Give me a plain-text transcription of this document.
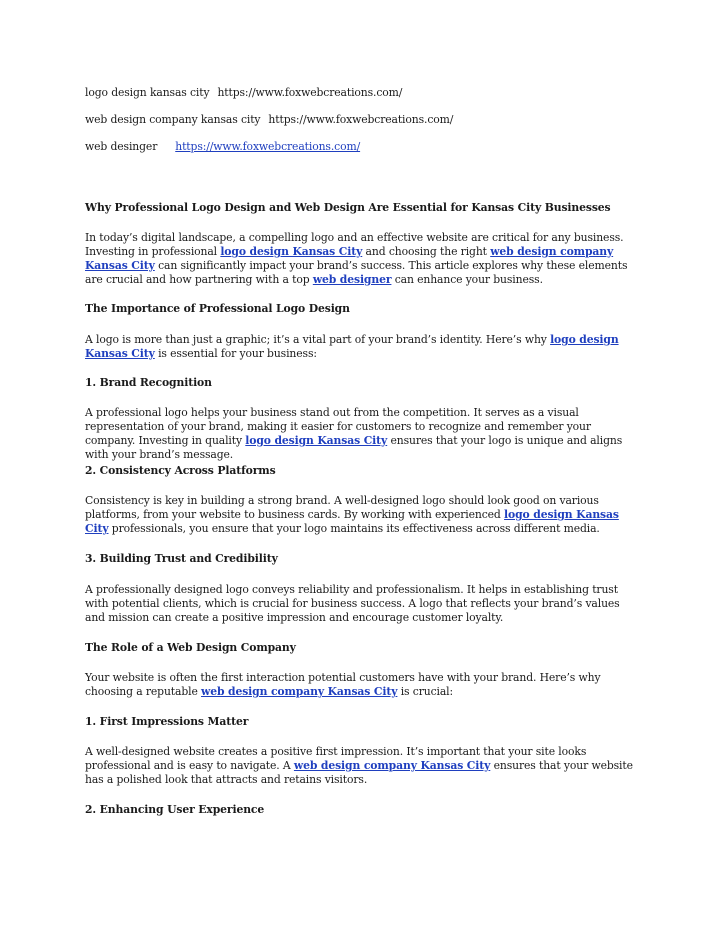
logo design kansas city https://www.foxwebcreations.com/
web design company kansas city https://www.foxwebcreations.com/
web desinger https://www.foxwebcreations.com/
Why Professional Logo Design and Web Design Are Essential for Kansas City Businesses
In today’s digital landscape, a compelling logo and an effective website are critical for any business. Investing in professional logo design Kansas City and choosing the right web design company Kansas City can significantly impact your brand’s success. This article explores why these elements are crucial and how partnering with a top web designer can enhance your business.
The Importance of Professional Logo Design
A logo is more than just a graphic; it’s a vital part of your brand’s identity. Here’s why logo design Kansas City is essential for your business:
1. Brand Recognition
A professional logo helps your business stand out from the competition. It serves as a visual representation of your brand, making it easier for customers to recognize and remember your company. Investing in quality logo design Kansas City ensures that your logo is unique and aligns with your brand’s message.
2. Consistency Across Platforms
Consistency is key in building a strong brand. A well-designed logo should look good on various platforms, from your website to business cards. By working with experienced logo design Kansas City professionals, you ensure that your logo maintains its effectiveness across different media.
3. Building Trust and Credibility
A professionally designed logo conveys reliability and professionalism. It helps in establishing trust with potential clients, which is crucial for business success. A logo that reflects your brand’s values and mission can create a positive impression and encourage customer loyalty.
The Role of a Web Design Company
Your website is often the first interaction potential customers have with your brand. Here’s why choosing a reputable web design company Kansas City is crucial:
1. First Impressions Matter
A well-designed website creates a positive first impression. It’s important that your site looks professional and is easy to navigate. A web design company Kansas City ensures that your website has a polished look that attracts and retains visitors.
2. Enhancing User Experience
